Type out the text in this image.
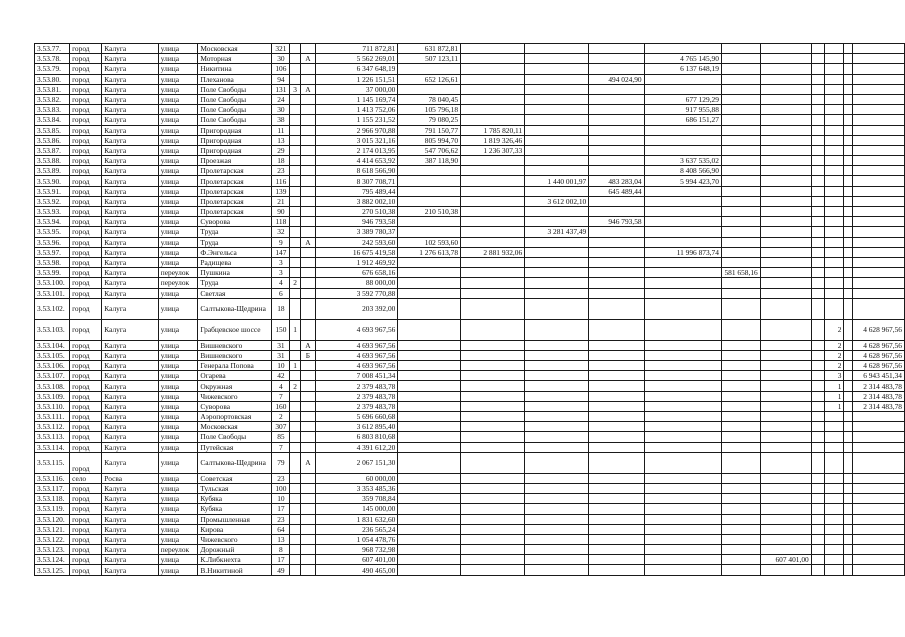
3.53.77.	город	Калуга	улица	Московская	321			711 872,81	631 872,81										
3.53.78.	город	Калуга	улица	Моторная	30		А	5 562 269,01	507 123,11				4 765 145,90						
3.53.79.	город	Калуга	улица	Никитина	106			6 347 648,19					6 137 648,19						
3.53.80.	город	Калуга	улица	Плеханова	94			1 226 151,51	652 126,61			494 024,90							
3.53.81.	город	Калуга	улица	Поле Свободы	131	3	А	37 000,00											
3.53.82.	город	Калуга	улица	Поле Свободы	24			1 145 169,74	78 040,45				677 129,29						
3.53.83.	город	Калуга	улица	Поле Свободы	30			1 413 752,06	105 796,18				917 955,88						
3.53.84.	город	Калуга	улица	Поле Свободы	38			1 155 231,52	79 080,25				686 151,27						
3.53.85.	город	Калуга	улица	Пригородная	11			2 966 970,88	791 150,77	1 785 820,11									
3.53.86.	город	Калуга	улица	Пригородная	13			3 015 321,16	805 994,70	1 819 326,46									
3.53.87.	город	Калуга	улица	Пригородная	29			2 174 013,95	547 706,62	1 236 307,33									
3.53.88.	город	Калуга	улица	Проезжая	18			4 414 653,92	387 118,90				3 637 535,02						
3.53.89.	город	Калуга	улица	Пролетарская	23			8 618 566,90					8 408 566,90						
3.53.90.	город	Калуга	улица	Пролетарская	116			8 307 708,71			1 440 001,97	483 283,04	5 994 423,70						
3.53.91.	город	Калуга	улица	Пролетарская	139			795 489,44				645 489,44							
3.53.92.	город	Калуга	улица	Пролетарская	21			3 882 002,10			3 612 002,10								
3.53.93.	город	Калуга	улица	Пролетарская	90			270 510,38	210 510,38										
3.53.94.	город	Калуга	улица	Суворова	118			946 793,58				946 793,58							
3.53.95.	город	Калуга	улица	Труда	32			3 389 780,37			3 281 437,49								
3.53.96.	город	Калуга	улица	Труда	9		А	242 593,60	102 593,60										
3.53.97.	город	Калуга	улица	Ф.Энгельса	147			16 675 419,58	1 276 613,78	2 881 932,06			11 996 873,74						
3.53.98.	город	Калуга	улица	Радищева	3			1 912 469,92											
3.53.99.	город	Калуга	переулок	Пушкина	3			676 658,16						581 658,16					
3.53.100.	город	Калуга	переулок	Труда	4	2		88 000,00											
3.53.101.	город	Калуга	улица	Светлая	6			3 592 770,88											
3.53.102.	город	Калуга	улица	Салтыкова-Щедрина	18			203 392,00											
3.53.103.	город	Калуга	улица	Грабцевское шоссе	150	1		4 693 967,56									2		4 628 967,56
3.53.104.	город	Калуга	улица	Вишневского	31		А	4 693 967,56									2		4 628 967,56
3.53.105.	город	Калуга	улица	Вишневского	31		Б	4 693 967,56									2		4 628 967,56
3.53.106.	город	Калуга	улица	Генерала Попова	10	1		4 693 967,56									2		4 628 967,56
3.53.107.	город	Калуга	улица	Огарева	42			7 008 451,34									3		6 943 451,34
3.53.108.	город	Калуга	улица	Окружная	4	2		2 379 483,78									1		2 314 483,78
3.53.109.	город	Калуга	улица	Чижевского	7			2 379 483,78									1		2 314 483,78
3.53.110.	город	Калуга	улица	Суворова	160			2 379 483,78									1		2 314 483,78
3.53.111.	город	Калуга	улица	Аэропортовская	2			5 696 660,68											
3.53.112.	город	Калуга	улица	Московская	307			3 612 895,40											
3.53.113.	город	Калуга	улица	Поле Свободы	85			6 803 810,68											
3.53.114.	город	Калуга	улица	Путейская	7			4 391 612,20											
3.53.115.	город	Калуга	улица	Салтыкова-Щедрина	79		А	2 067 151,30											
3.53.116.	село	Росва	улица	Советская	23			60 000,00											
3.53.117.	город	Калуга	улица	Тульская	100			3 353 485,36											
3.53.118.	город	Калуга	улица	Кубяка	10			359 708,84											
3.53.119.	город	Калуга	улица	Кубяка	17			145 000,00											
3.53.120.	город	Калуга	улица	Промышленная	23			1 831 632,60											
3.53.121.	город	Калуга	улица	Кирова	64			236 565,24											
3.53.122.	город	Калуга	улица	Чижевского	13			1 054 478,76											
3.53.123.	город	Калуга	переулок	Дорожный	8			968 732,98											
3.53.124.	город	Калуга	улица	К.Либкнехта	17			607 401,00							607 401,00				
3.53.125.	город	Калуга	улица	В.Никитиной	49			490 465,00											
